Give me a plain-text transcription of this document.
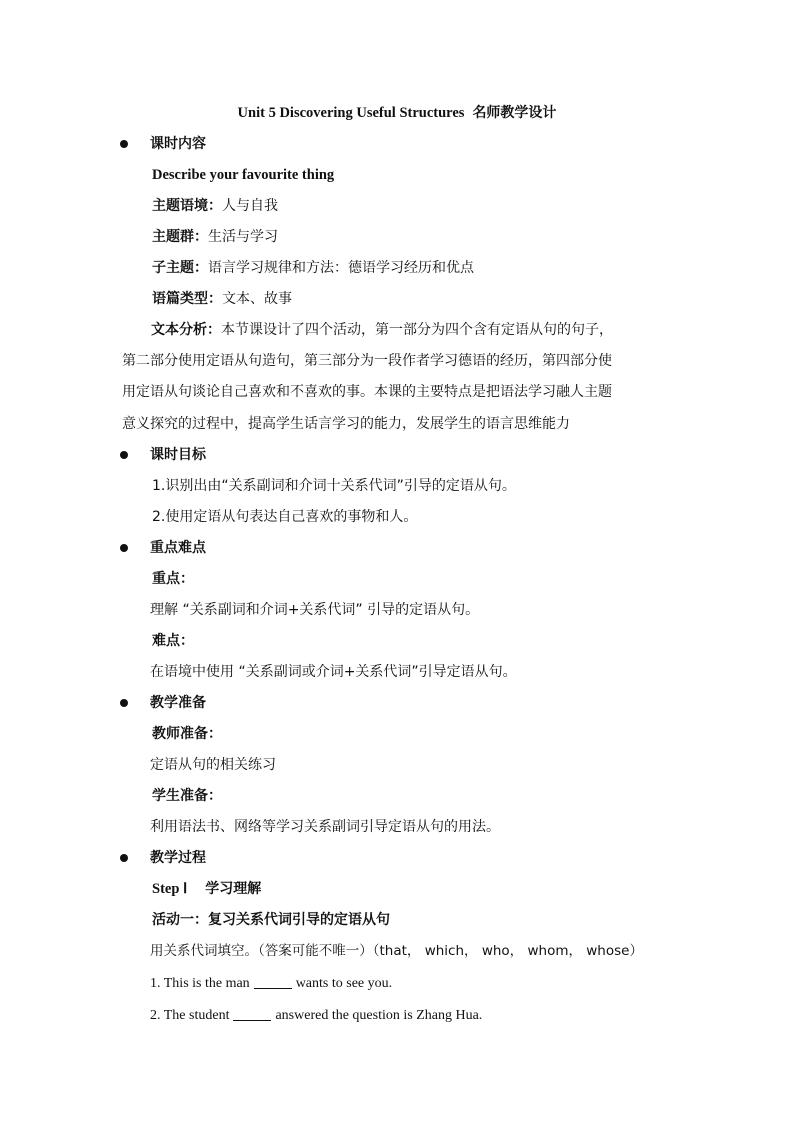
Unit 5 Discovering Useful Structures 名师教学设计
课时内容
Describe your favourite thing
主题语境：人与自我
主题群：生活与学习
子主题：语言学习规律和方法：德语学习经历和优点
语篇类型：文本、故事
文本分析：本节课设计了四个活动，第一部分为四个含有定语从句的句子，
第二部分使用定语从句造句，第三部分为一段作者学习德语的经历，第四部分使
用定语从句谈论自己喜欢和不喜欢的事。本课的主要特点是把语法学习融人主题
意义探究的过程中，提高学生话言学习的能力，发展学生的语言思维能力
课时目标
1.识别出由“关系副词和介词十关系代词”引导的定语从句。
2.使用定语从句表达自己喜欢的事物和人。
重点难点
重点：
理解 “关系副词和介词+关系代词” 引导的定语从句。
难点：
在语境中使用 “关系副词或介词+关系代词”引导定语从句。
教学准备
教师准备：
定语从句的相关练习
学生准备：
利用语法书、网络等学习关系副词引导定语从句的用法。
教学过程
Step Ⅰ 学习理解
活动一：复习关系代词引导的定语从句
用关系代词填空。（答案可能不唯一）（that， which， who， whom， whose）
1. This is the man	wants to see you.
2. The student	answered the question is Zhang Hua.
